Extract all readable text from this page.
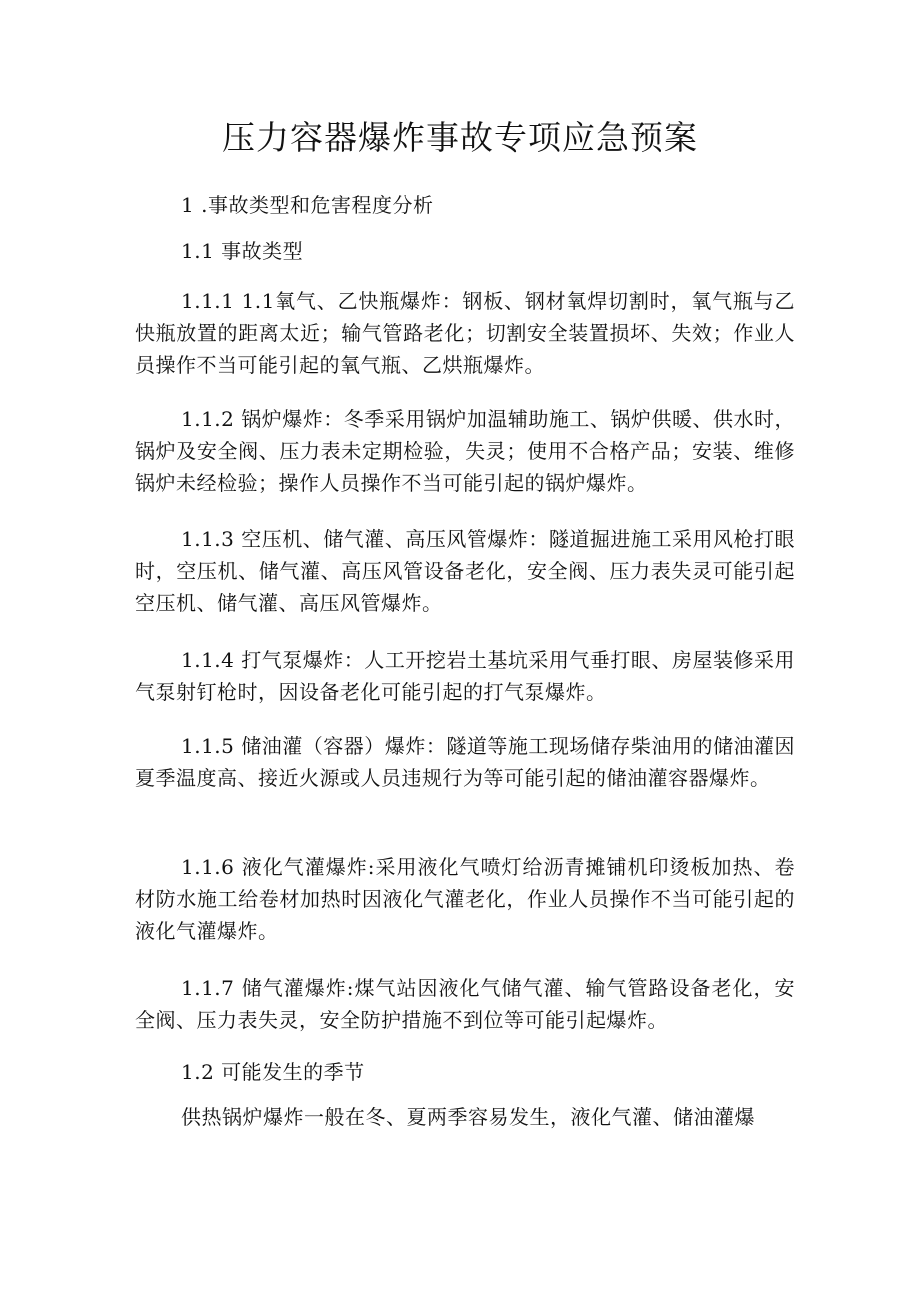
压力容器爆炸事故专项应急预案

1 .事故类型和危害程度分析

1.1 事故类型

1.1.1 1.1氧气、乙快瓶爆炸：钢板、钢材氧焊切割时，氧气瓶与乙快瓶放置的距离太近；输气管路老化；切割安全装置损坏、失效；作业人员操作不当可能引起的氧气瓶、乙烘瓶爆炸。

1.1.2 锅炉爆炸：冬季采用锅炉加温辅助施工、锅炉供暖、供水时，锅炉及安全阀、压力表未定期检验，失灵；使用不合格产品；安装、维修锅炉未经检验；操作人员操作不当可能引起的锅炉爆炸。

1.1.3 空压机、储气灌、高压风管爆炸：隧道掘进施工采用风枪打眼时，空压机、储气灌、高压风管设备老化，安全阀、压力表失灵可能引起空压机、储气灌、高压风管爆炸。

1.1.4 打气泵爆炸：人工开挖岩土基坑采用气垂打眼、房屋装修采用气泵射钉枪时，因设备老化可能引起的打气泵爆炸。

1.1.5 储油灌（容器）爆炸：隧道等施工现场储存柴油用的储油灌因夏季温度高、接近火源或人员违规行为等可能引起的储油灌容器爆炸。

1.1.6 液化气灌爆炸:采用液化气喷灯给沥青摊铺机印烫板加热、卷材防水施工给卷材加热时因液化气灌老化，作业人员操作不当可能引起的液化气灌爆炸。

1.1.7 储气灌爆炸:煤气站因液化气储气灌、输气管路设备老化，安全阀、压力表失灵，安全防护措施不到位等可能引起爆炸。

1.2 可能发生的季节

供热锅炉爆炸一般在冬、夏两季容易发生，液化气灌、储油灌爆
